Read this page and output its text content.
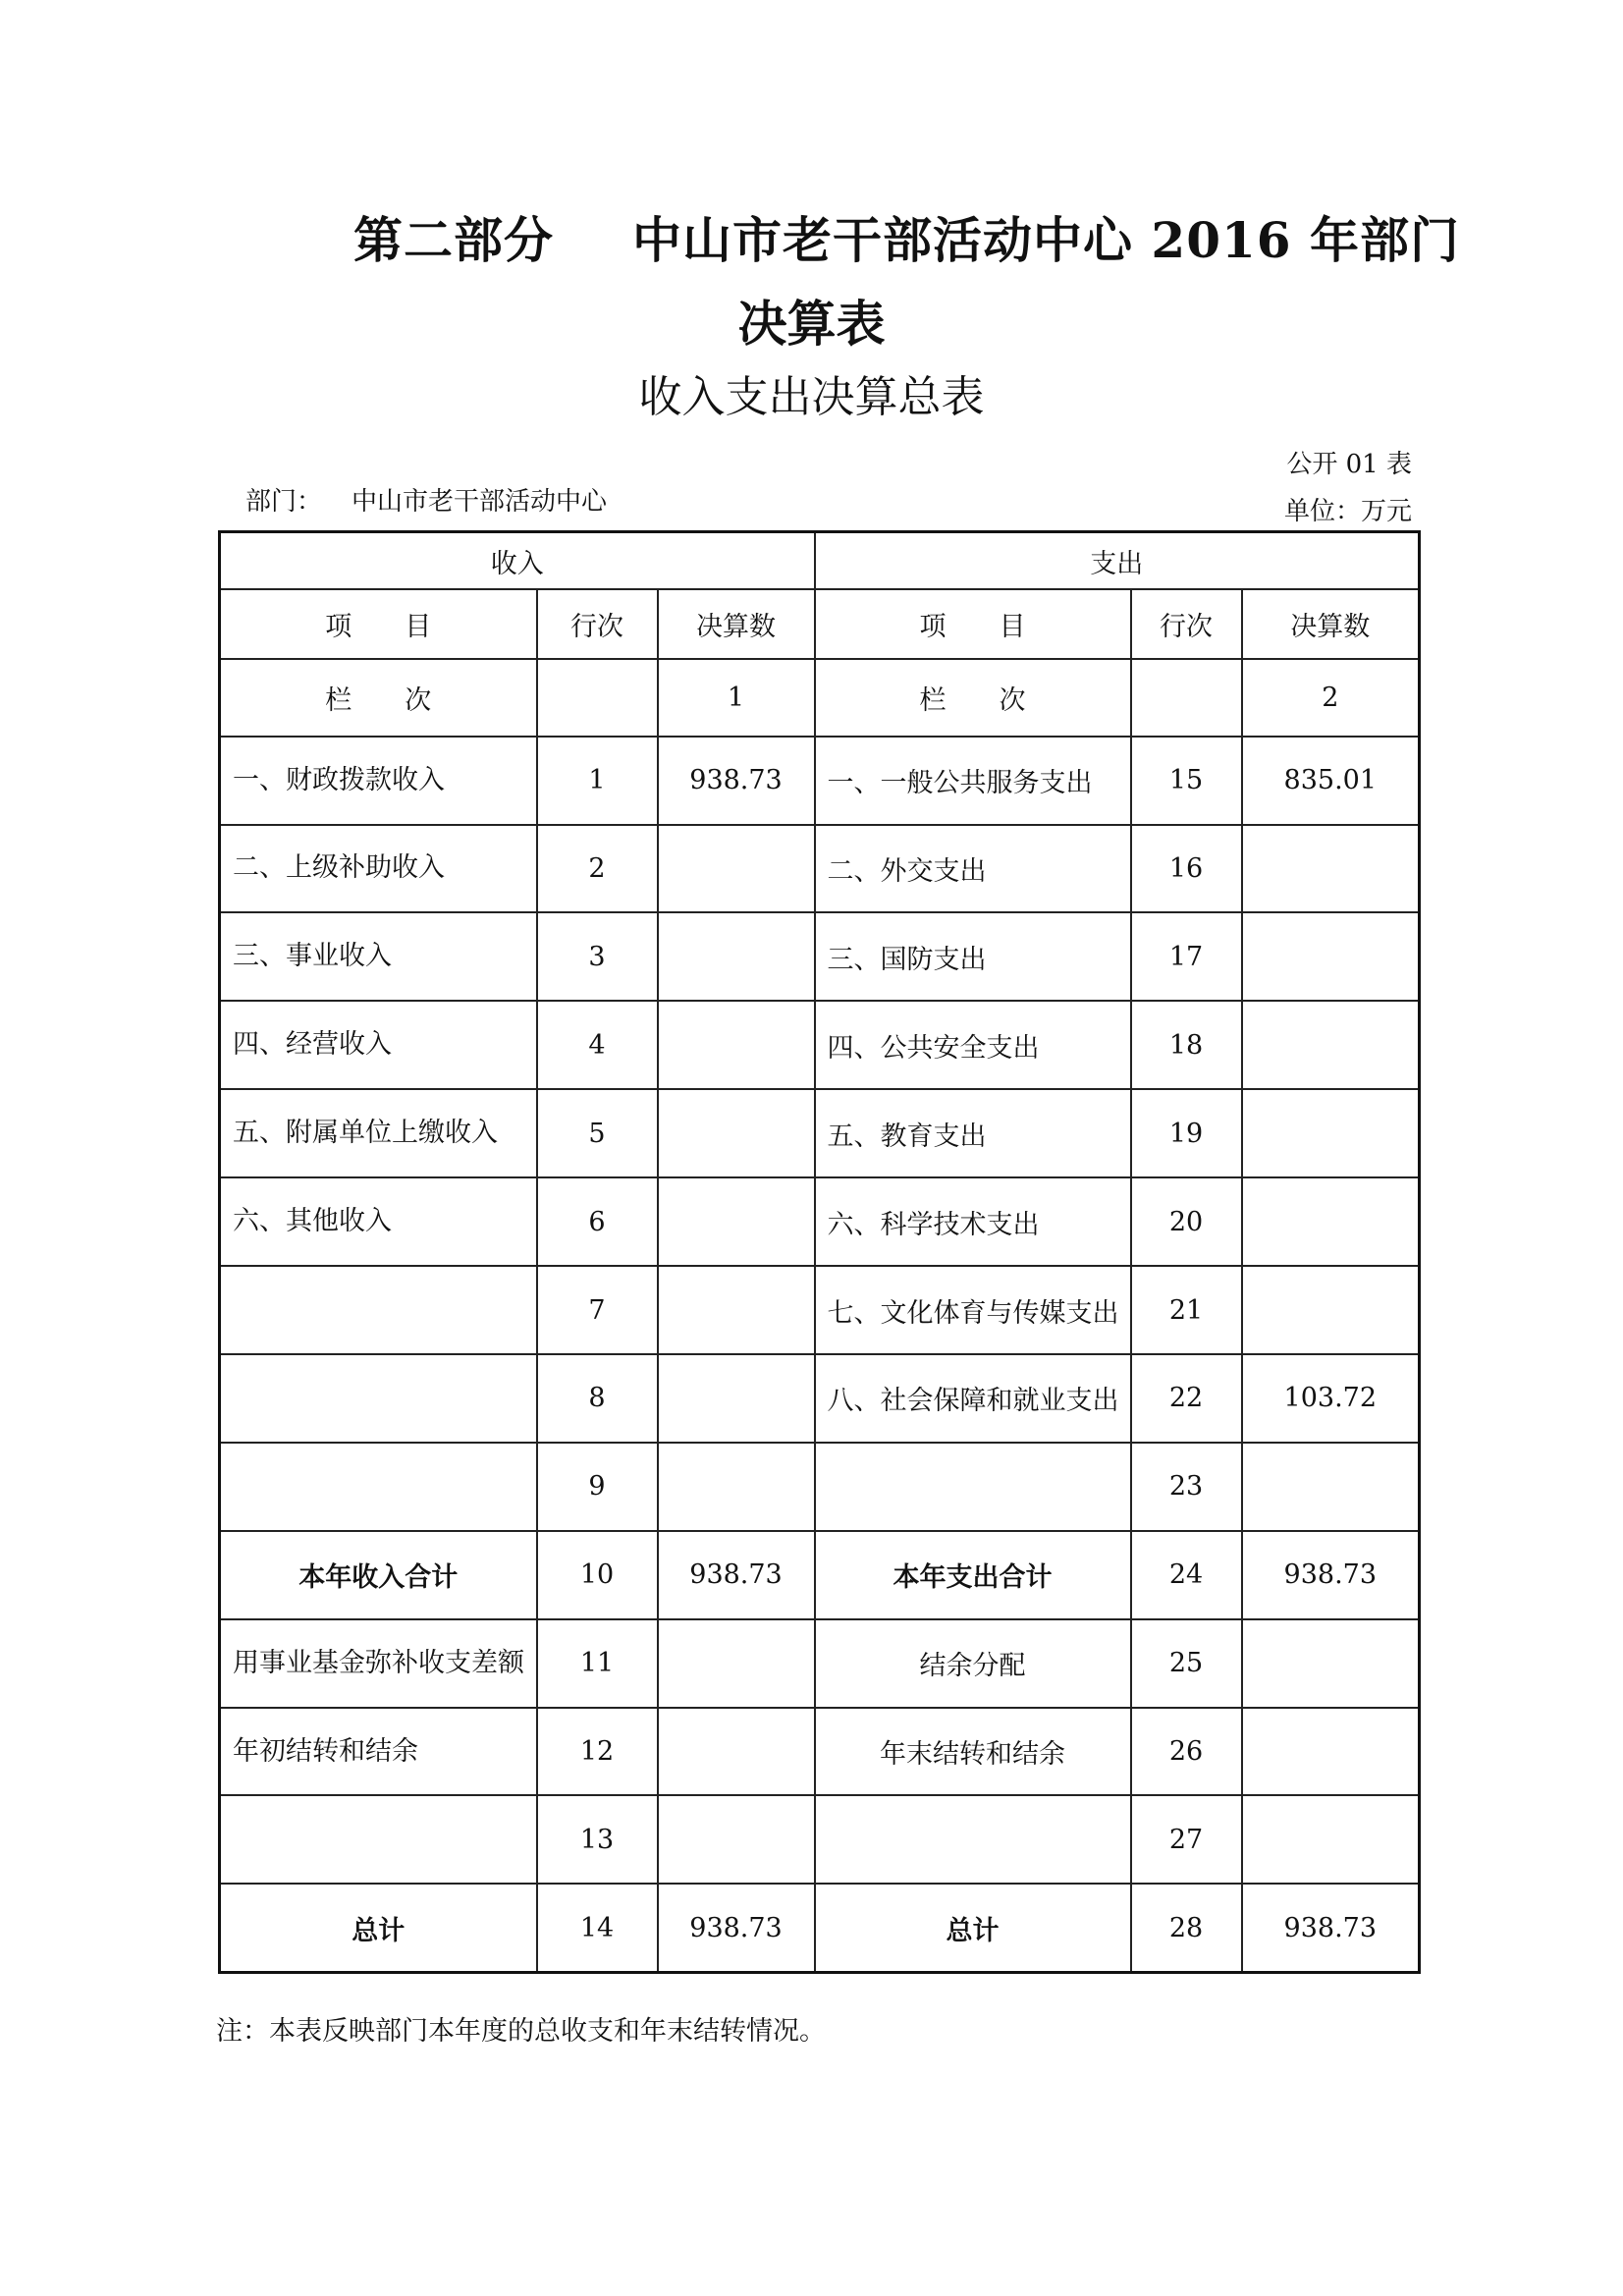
第二部分 中山市老干部活动中心 2016 年部门
决算表
收入支出决算总表
公开 01 表
部门： 中山市老干部活动中心	单位：万元
收入			支出		
项　　目	行次	决算数	项　　目	行次	决算数
栏　　次		1	栏　　次		2
一、财政拨款收入	1	938.73	一、一般公共服务支出	15	835.01
二、上级补助收入	2		二、外交支出	16	
三、事业收入	3		三、国防支出	17	
四、经营收入	4		四、公共安全支出	18	
五、附属单位上缴收入	5		五、教育支出	19	
六、其他收入	6		六、科学技术支出	20	
	7		七、文化体育与传媒支出	21	
	8		八、社会保障和就业支出	22	103.72
	9			23	
本年收入合计	10	938.73	本年支出合计	24	938.73
用事业基金弥补收支差额	11		结余分配	25	
年初结转和结余	12		年末结转和结余	26	
	13			27	
总计	14	938.73	总计	28	938.73
注：本表反映部门本年度的总收支和年末结转情况。
